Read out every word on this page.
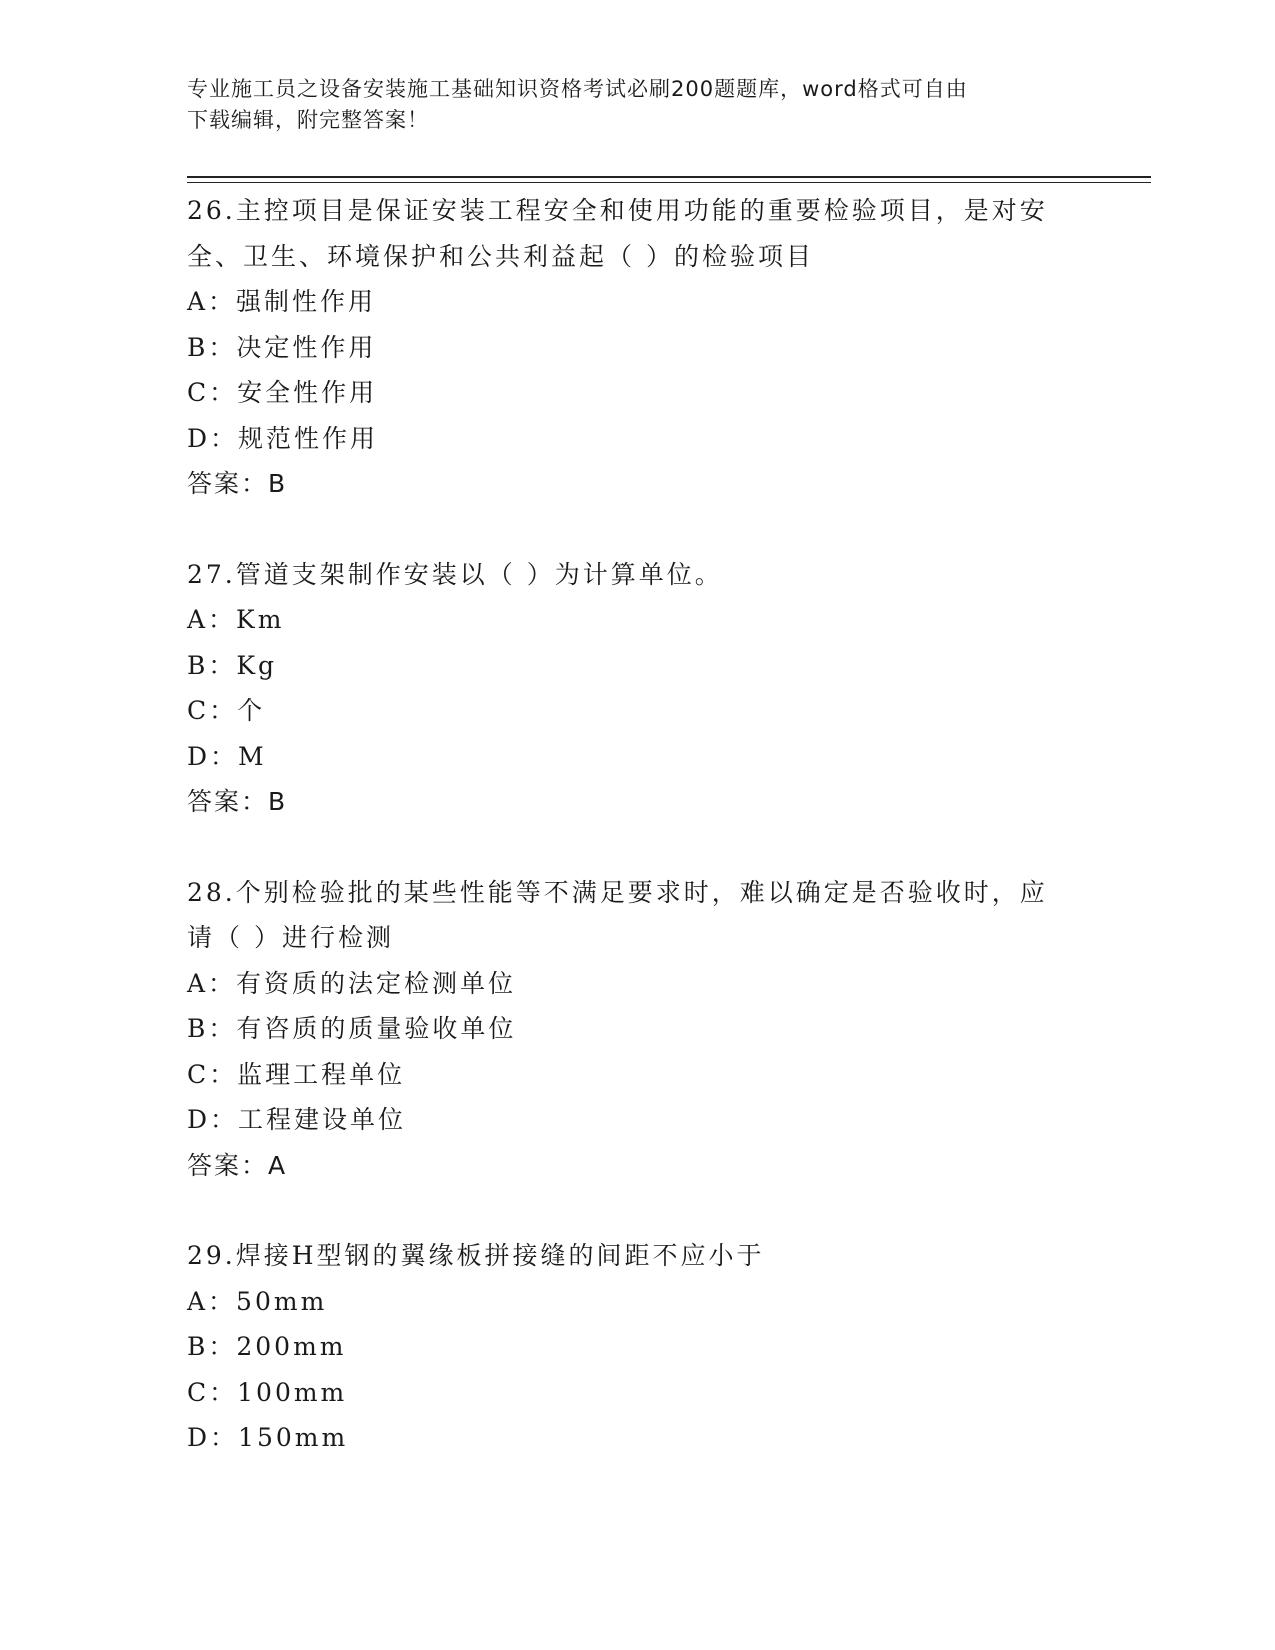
专业施工员之设备安装施工基础知识资格考试必刷200题题库，word格式可自由
下载编辑，附完整答案！
26.主控项目是保证安装工程安全和使用功能的重要检验项目，是对安
全、卫生、环境保护和公共利益起（ ）的检验项目
A：强制性作用
B：决定性作用
C：安全性作用
D：规范性作用
答案：B
27.管道支架制作安装以（ ）为计算单位。
A：Km
B：Kg
C：个
D：M
答案：B
28.个别检验批的某些性能等不满足要求时，难以确定是否验收时，应
请（ ）进行检测
A：有资质的法定检测单位
B：有咨质的质量验收单位
C：监理工程单位
D：工程建设单位
答案：A
29.焊接H型钢的翼缘板拼接缝的间距不应小于
A：50mm
B：200mm
C：100mm
D：150mm
